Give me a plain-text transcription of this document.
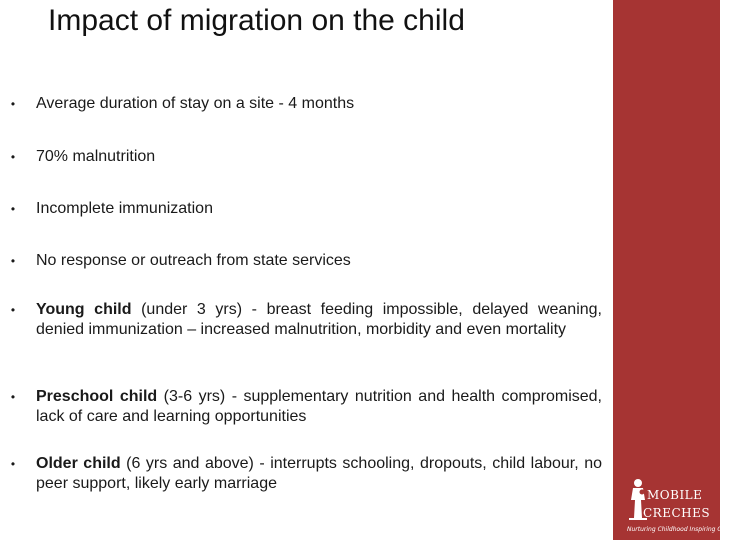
Impact of migration on the child
• Average duration of stay on a site - 4 months
• 70% malnutrition
• Incomplete immunization
• No response or outreach from state services
• Young child (under 3 yrs) - breast feeding impossible, delayed weaning, denied immunization – increased malnutrition, morbidity and even mortality
• Preschool child (3-6 yrs) - supplementary nutrition and health compromised, lack of care and learning opportunities
• Older child (6 yrs and above) - interrupts schooling, dropouts, child labour, no peer support, likely early marriage
MOBILE
CRECHES
Nurturing Childhood Inspiring Change
